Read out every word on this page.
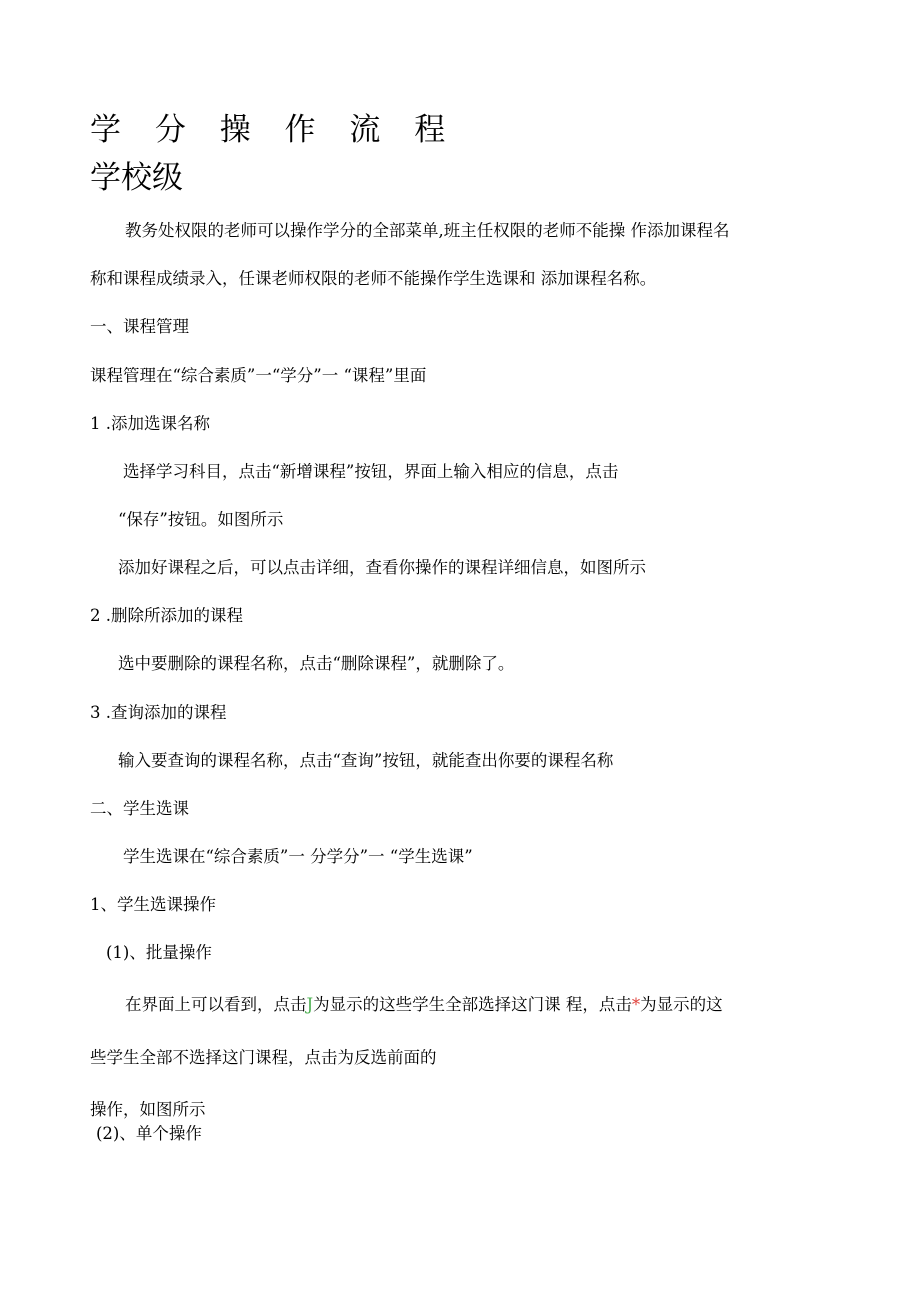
学 分 操 作 流 程
学校级
教务处权限的老师可以操作学分的全部菜单,班主任权限的老师不能操 作添加课程名
称和课程成绩录入，任课老师权限的老师不能操作学生选课和 添加课程名称。
一、课程管理
课程管理在“综合素质”一“学分”一 “课程”里面
1 .添加选课名称
选择学习科目，点击“新增课程”按钮，界面上输入相应的信息，点击
“保存”按钮。如图所示
添加好课程之后，可以点击详细，查看你操作的课程详细信息，如图所示
2 .删除所添加的课程
选中要删除的课程名称，点击“删除课程”，就删除了。
3 .查询添加的课程
输入要查询的课程名称，点击“查询”按钮，就能查出你要的课程名称
二、学生选课
学生选课在“综合素质”一 分学分”一 “学生选课”
1、学生选课操作
(1)、批量操作
在界面上可以看到，点击J为显示的这些学生全部选择这门课 程，点击*为显示的这
些学生全部不选择这门课程，点击为反选前面的
操作，如图所示
(2)、单个操作
